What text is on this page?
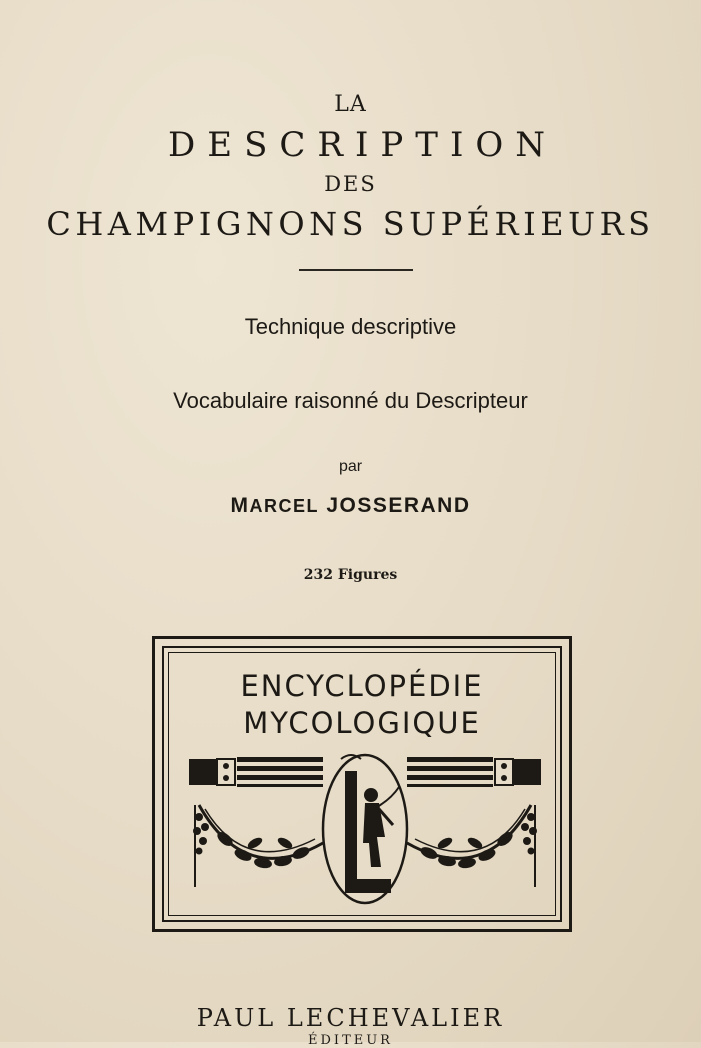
LA
DESCRIPTION
DES
CHAMPIGNONS SUPÉRIEURS
Technique descriptive
Vocabulaire raisonné du Descripteur
par
MARCEL JOSSERAND
232 Figures
ENCYCLOPÉDIE
MYCOLOGIQUE
PAUL LECHEVALIER
ÉDITEUR
